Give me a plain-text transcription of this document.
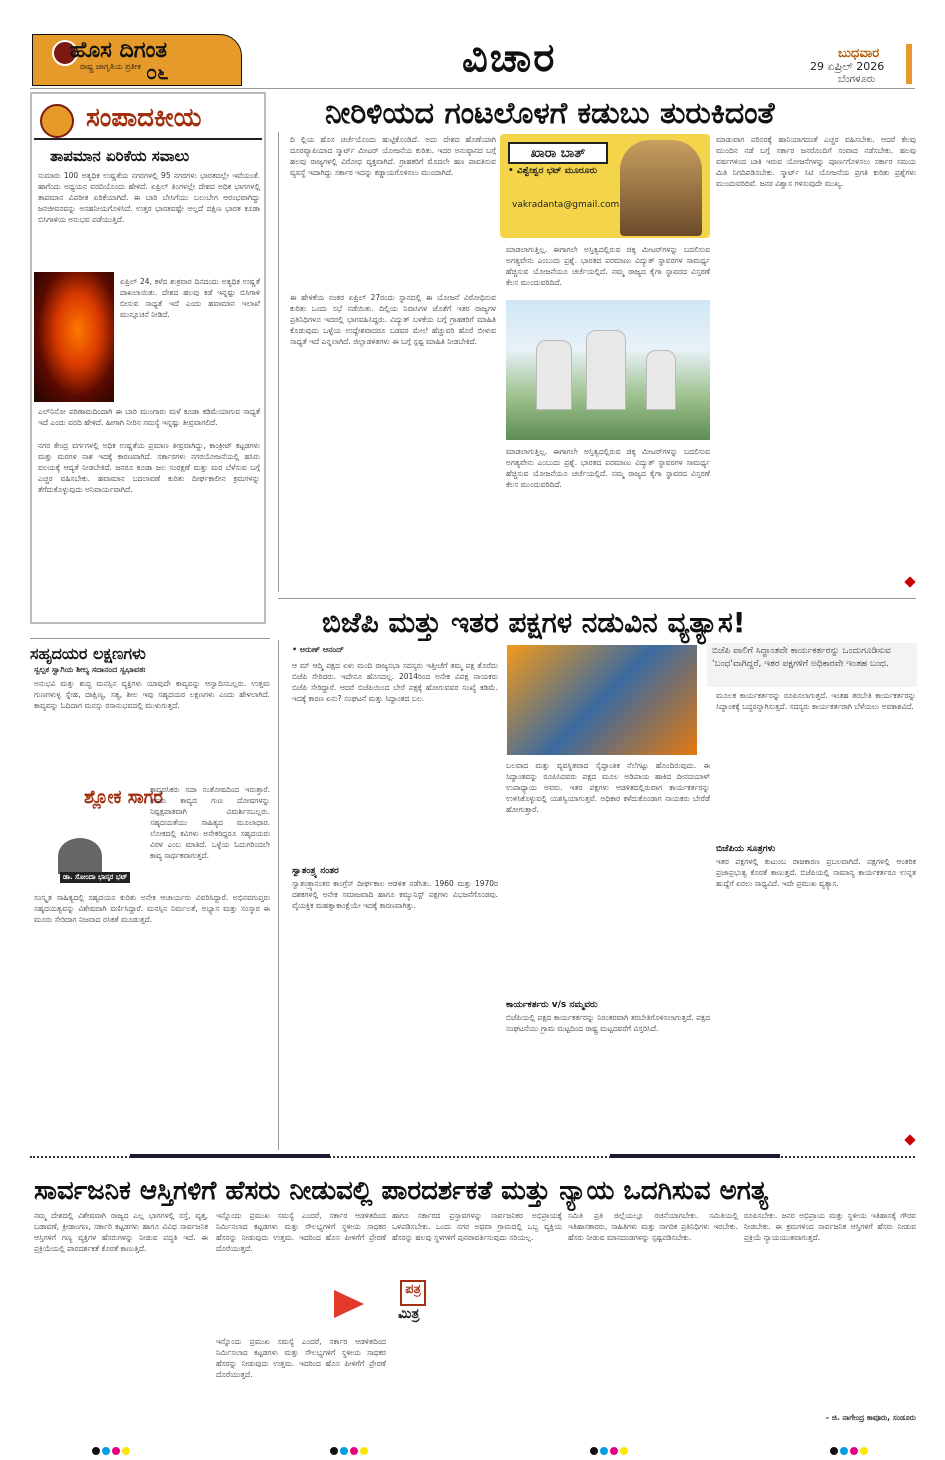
ಹೊಸ ದಿಗಂತ
ರಾಷ್ಟ್ರ ಜಾಗೃತಿಯ ಪ್ರತೀಕ ೦೬	ವಿಚಾರ	ಬುಧವಾರ
29 ಏಪ್ರಿಲ್ 2026
ಬೆಂಗಳೂರು
ಸಂಪಾದಕೀಯ
ತಾಪಮಾನ ಏರಿಕೆಯ ಸವಾಲು
ಸುಮಾರು 100 ಅತ್ಯಧಿಕ ಉಷ್ಣತೆಯ ನಗರಗಳಲ್ಲಿ 95 ನಗರಗಳು ಭಾರತದಲ್ಲೇ ಇವೆಯಂತೆ. ಹಾಗೆಂದು ಅಧ್ಯಯನ ವರದಿಯೊಂದು ಹೇಳಿದೆ. ಏಪ್ರಿಲ್ ತಿಂಗಳಲ್ಲೇ ದೇಶದ ಅಧಿಕ ಭಾಗಗಳಲ್ಲಿ ತಾಪಮಾನ ವಿಪರೀತ ಏರಿಕೆಯಾಗಿದೆ. ಈ ಬಾರಿ ಬೇಸಿಗೆಯು ಬಲುಬೇಗ ಆರಂಭವಾಗಿದ್ದು ಜನಜೀವನವನ್ನು ಅಸಹನೀಯಗೊಳಿಸಿದೆ. ಉತ್ತರ ಭಾರತವಷ್ಟೇ ಅಲ್ಲದೆ ದಕ್ಷಿಣ ಭಾರತ ಕೂಡಾ ಬಿಸಿಗಾಳಿಯ ಅನುಭವ ಪಡೆಯುತ್ತಿದೆ.
ಏಪ್ರಿಲ್ 24, ಕಳೆದ ಶುಕ್ರವಾರ ದಿನದಂದು ಅತ್ಯಧಿಕ ಉಷ್ಣತೆ ದಾಖಲಾಯಿತು. ದೇಶದ ಹಲವು ಕಡೆ ಇನ್ನಷ್ಟು ಬಿಸಿಗಾಳಿ ಬೀಸುವ ಸಾಧ್ಯತೆ ಇದೆ ಎಂದು ಹವಾಮಾನ ಇಲಾಖೆ ಮುನ್ಸೂಚನೆ ನೀಡಿದೆ.
ಎಲ್‌ನಿನೋ ಪರಿಣಾಮದಿಂದಾಗಿ ಈ ಬಾರಿ ಮುಂಗಾರು ಮಳೆ ಕೂಡಾ ಕಡಿಮೆಯಾಗುವ ಸಾಧ್ಯತೆ ಇದೆ ಎಂದು ವರದಿ ಹೇಳಿದೆ. ಹೀಗಾಗಿ ನೀರಿನ ಸಮಸ್ಯೆ ಇನ್ನಷ್ಟು ತೀವ್ರವಾಗಲಿದೆ.
ನಗರ ಕೇಂದ್ರ ವರ್ಗಗಳಲ್ಲಿ ಅಧಿಕ ಉಷ್ಣತೆಯ ಪ್ರಮಾಣ ತೀವ್ರವಾಗಿದ್ದು, ಕಾಂಕ್ರೀಟ್ ಕಟ್ಟಡಗಳು ಮತ್ತು ಮರಗಳ ನಾಶ ಇದಕ್ಕೆ ಕಾರಣವಾಗಿದೆ. ಸರ್ಕಾರಗಳು ನಗರಯೋಜನೆಯಲ್ಲಿ ಹಸಿರು ವಲಯಕ್ಕೆ ಆದ್ಯತೆ ನೀಡಬೇಕಿದೆ. ಜನರೂ ಕೂಡಾ ಜಲ ಸಂರಕ್ಷಣೆ ಮತ್ತು ಮರ ಬೆಳೆಸುವ ಬಗ್ಗೆ ಎಚ್ಚರ ವಹಿಸಬೇಕು. ಹವಾಮಾನ ಬದಲಾವಣೆ ಕುರಿತು ದೀರ್ಘಕಾಲೀನ ಕ್ರಮಗಳನ್ನು ತೆಗೆದುಕೊಳ್ಳುವುದು ಅನಿವಾರ್ಯವಾಗಿದೆ.
ನೀರಿಳಿಯದ ಗಂಟಲೊಳಗೆ ಕಡುಬು ತುರುಕಿದಂತೆ
ದಿ ಲ್ಲಿಯ ಹೊಸ ಚರ್ಚೆಯೊಂದು ಹುಟ್ಟಿಕೊಂಡಿದೆ. ಅದು ದೇಶದ ಹೊಣೆಯಾಗಿ ದೂರವ್ಯಾಪಿಯಾದ ಸ್ಮಾರ್ಟ್ ಮೀಟರ್ ಯೋಜನೆಯ ಕುರಿತು. ಇದರ ಅನುಷ್ಠಾನದ ಬಗ್ಗೆ ಹಲವು ರಾಜ್ಯಗಳಲ್ಲಿ ವಿರೋಧ ವ್ಯಕ್ತವಾಗಿದೆ. ಗ್ರಾಹಕರಿಗೆ ಮೊದಲೇ ಹಣ ಪಾವತಿಸುವ ವ್ಯವಸ್ಥೆ ಇದಾಗಿದ್ದು ಸರ್ಕಾರ ಇದನ್ನು ಕಡ್ಡಾಯಗೊಳಿಸಲು ಮುಂದಾಗಿದೆ.
ಈ ಹೇಳಿಕೆಯ ನಂತರ ಏಪ್ರಿಲ್ 27ರಂದು ಸ್ಥಾನದಲ್ಲಿ ಈ ಯೋಜನೆ ವಿರೋಧಿಸುವ ಕುರಿತು ಒಂದು ಸಭೆ ನಡೆಯಿತು. ದಿಲ್ಲಿಯ ನಿವಾಸಿಗಳ ಜೊತೆಗೆ ಇತರ ರಾಜ್ಯಗಳ ಪ್ರತಿನಿಧಿಗಳೂ ಇದರಲ್ಲಿ ಭಾಗವಹಿಸಿದ್ದರು. ವಿದ್ಯುತ್ ಬಳಕೆಯ ಬಗ್ಗೆ ಗ್ರಾಹಕರಿಗೆ ಮಾಹಿತಿ ಕೊಡುವುದು ಒಳ್ಳೆಯ ಉದ್ದೇಶವಾದರೂ ಬಡವರ ಮೇಲೆ ಹೆಚ್ಚುವರಿ ಹೊರೆ ಬೀಳುವ ಸಾಧ್ಯತೆ ಇದೆ ಎನ್ನಲಾಗಿದೆ. ಜಿಲ್ಲಾಡಳಿತಗಳು ಈ ಬಗ್ಗೆ ಸ್ಪಷ್ಟ ಮಾಹಿತಿ ನೀಡಬೇಕಿದೆ.
ಖಾರಾ ಬಾತ್
• ವಿಶ್ವೇಶ್ವರ ಭಟ್ ಮೂರೂರು
vakradanta@gmail.com
ಮಾಡಲಾಗುತ್ತಿಲ್ಲ. ಈಗಾಗಲೇ ಅಸ್ತಿತ್ವದಲ್ಲಿರುವ ಚಿಕ್ಕ ಮೀಟರ್‌ಗಳನ್ನು ಬದಲಿಸುವ ಅಗತ್ಯವೇನು ಎಂಬುದು ಪ್ರಶ್ನೆ. ಭಾರತದ ಪರಮಾಣು ವಿದ್ಯುತ್ ಸ್ಥಾವರಗಳ ಸಾಮರ್ಥ್ಯ ಹೆಚ್ಚಿಸುವ ಯೋಜನೆಯೂ ಚರ್ಚೆಯಲ್ಲಿದೆ. ನಮ್ಮ ರಾಜ್ಯದ ಕೈಗಾ ಸ್ಥಾವರದ ವಿಸ್ತರಣೆ ಕೆಲಸ ಮುಂದುವರಿದಿದೆ.
ಮಾಡಲಾಗುತ್ತಿಲ್ಲ. ಈಗಾಗಲೇ ಅಸ್ತಿತ್ವದಲ್ಲಿರುವ ಚಿಕ್ಕ ಮೀಟರ್‌ಗಳನ್ನು ಬದಲಿಸುವ ಅಗತ್ಯವೇನು ಎಂಬುದು ಪ್ರಶ್ನೆ. ಭಾರತದ ಪರಮಾಣು ವಿದ್ಯುತ್ ಸ್ಥಾವರಗಳ ಸಾಮರ್ಥ್ಯ ಹೆಚ್ಚಿಸುವ ಯೋಜನೆಯೂ ಚರ್ಚೆಯಲ್ಲಿದೆ. ನಮ್ಮ ರಾಜ್ಯದ ಕೈಗಾ ಸ್ಥಾವರದ ವಿಸ್ತರಣೆ ಕೆಲಸ ಮುಂದುವರಿದಿದೆ.
ಮಾಡುವಾಗ ಪರಿಸರಕ್ಕೆ ಹಾನಿಯಾಗದಂತೆ ಎಚ್ಚರ ವಹಿಸಬೇಕು. ಆದರೆ ಕೆಲವು ಮುಂದಿನ ನಡೆ ಬಗ್ಗೆ ಸರ್ಕಾರ ಜನರೊಂದಿಗೆ ಸಂವಾದ ನಡೆಸಬೇಕು. ಹಲವು ವರ್ಷಗಳಿಂದ ಬಾಕಿ ಇರುವ ಯೋಜನೆಗಳನ್ನು ಪೂರ್ಣಗೊಳಿಸಲು ಸರ್ಕಾರ ಸಮಯ ಮಿತಿ ನಿಗದಿಪಡಿಸಬೇಕು. ಸ್ಮಾರ್ಟ್ ಸಿಟಿ ಯೋಜನೆಯ ಪ್ರಗತಿ ಕುರಿತು ಪ್ರಶ್ನೆಗಳು ಮುಂದುವರಿದಿವೆ. ಜನರ ವಿಶ್ವಾಸ ಗಳಿಸುವುದೇ ಮುಖ್ಯ.
ಸಹೃದಯರ ಲಕ್ಷಣಗಳು
ಸ್ವಲ್ಪಕ ಸ್ವಾಗಿಯ ಶೀಲ್ಯ ಸದಾನಂದ ಸ್ವಭಾವತಃ
ಅನುಭವಿ ಮತ್ತು ಶುದ್ಧ ಮನಸ್ಸಿನ ವ್ಯಕ್ತಿಗಳು ಯಾವುದೇ ಕಾವ್ಯವನ್ನು ಆಸ್ವಾದಿಸಬಲ್ಲರು. ಉತ್ತಮ ಗುಣಗಳುಳ್ಳ ಸ್ನೇಹ, ದಾಕ್ಷಿಣ್ಯ, ಸತ್ಯ, ಶೀಲ ಇವು ಸಹೃದಯರ ಲಕ್ಷಣಗಳು ಎಂದು ಹೇಳಲಾಗಿದೆ. ಕಾವ್ಯವನ್ನು ಓದಿದಾಗ ಮನಸ್ಸು ರಸಾನುಭವದಲ್ಲಿ ಮುಳುಗುತ್ತದೆ.
ಶ್ಲೋಕ ಸಾಗರ
ಡಾ. ಸೋಂದಾ ಭಾಸ್ಕರ ಭಟ್
ಕಾವ್ಯರಸಿಕರು ಸದಾ ಸಂತೋಷದಿಂದ ಇರುತ್ತಾರೆ. ಅವರು ಕಾವ್ಯದ ಗುಣ ದೋಷಗಳನ್ನು ನಿಷ್ಪಕ್ಷಪಾತವಾಗಿ ವಿಮರ್ಶಿಸಬಲ್ಲರು. ಸಹೃದಯತೆಯು ಸಾಹಿತ್ಯದ ಮೂಲಾಧಾರ. ಲೋಕದಲ್ಲಿ ಕವಿಗಳು ಅನೇಕರಿದ್ದರೂ ಸಹೃದಯರು ವಿರಳ ಎಂಬ ಮಾತಿದೆ. ಒಳ್ಳೆಯ ಓದುಗರಿಂದಲೇ ಕಾವ್ಯ ಸಾರ್ಥಕವಾಗುತ್ತದೆ.
ಸಂಸ್ಕೃತ ಸಾಹಿತ್ಯದಲ್ಲಿ ಸಹೃದಯನ ಕುರಿತು ಅನೇಕ ಆಚಾರ್ಯರು ವಿವರಿಸಿದ್ದಾರೆ. ಅಭಿನವಗುಪ್ತರು ಸಹೃದಯತ್ವವನ್ನು ವಿಶೇಷವಾಗಿ ವರ್ಣಿಸಿದ್ದಾರೆ. ಮನಸ್ಸಿನ ನಿರ್ಮಲತೆ, ಅಭ್ಯಾಸ ಮತ್ತು ಸಂಸ್ಕಾರ ಈ ಮೂರು ಸೇರಿದಾಗ ನಿಜವಾದ ರಸಿಕತೆ ಮೂಡುತ್ತದೆ.
ಬಿಜೆಪಿ ಮತ್ತು ಇತರ ಪಕ್ಷಗಳ ನಡುವಿನ ವ್ಯತ್ಯಾಸ!
• ಅರುಣ್ ಆನಂದ್
ಆ ಮ್ ಆದ್ಮಿ ಪಕ್ಷದ ಏಳು ಮಂದಿ ರಾಜ್ಯಸಭಾ ಸದಸ್ಯರು ಇತ್ತೀಚೆಗೆ ತಮ್ಮ ಪಕ್ಷ ತೊರೆದು ಬಿಜೆಪಿ ಸೇರಿದರು. ಇದೇನೂ ಹೊಸದಲ್ಲ. 2014ರಿಂದ ಅನೇಕ ವಿಪಕ್ಷ ನಾಯಕರು ಬಿಜೆಪಿ ಸೇರಿದ್ದಾರೆ. ಆದರೆ ಬಿಜೆಪಿಯಿಂದ ಬೇರೆ ಪಕ್ಷಕ್ಕೆ ಹೋಗುವವರ ಸಂಖ್ಯೆ ಕಡಿಮೆ. ಇದಕ್ಕೆ ಕಾರಣ ಏನು? ಸಂಘಟನೆ ಮತ್ತು ಸಿದ್ಧಾಂತದ ಬಲ.
ಸ್ವಾತಂತ್ರ್ಯ ನಂತರ
ಸ್ವಾತಂತ್ರ್ಯಾನಂತರ ಕಾಂಗ್ರೆಸ್ ದೀರ್ಘಕಾಲ ಆಡಳಿತ ನಡೆಸಿತು. 1960 ಮತ್ತು 1970ರ ದಶಕಗಳಲ್ಲಿ ಅನೇಕ ಸಮಾಜವಾದಿ ಹಾಗೂ ಕಮ್ಯುನಿಸ್ಟ್ ಪಕ್ಷಗಳು ವಿಭಜನೆಗೊಂಡವು. ವೈಯಕ್ತಿಕ ಮಹತ್ವಾಕಾಂಕ್ಷೆಯೇ ಇದಕ್ಕೆ ಕಾರಣವಾಗಿತ್ತು.
ಬಿಜೆಪಿ ಪಾಲಿಗೆ ಸಿದ್ಧಾಂತವೇ ಕಾರ್ಯಕರ್ತರನ್ನು ಒಂದುಗೂಡಿಸುವ 'ಬಂಧ'ವಾಗಿದ್ದರೆ, ಇತರ ಪಕ್ಷಗಳಿಗೆ ಅಧಿಕಾರವೇ ಇಂತಹ ಬಂಧ.
ಬಲವಾದ ಮತ್ತು ವ್ಯವಸ್ಥಿತವಾದ ಸೈದ್ಧಾಂತಿಕ ನೆಲೆಗಟ್ಟು ಹೊಂದಿರುವುದು. ಈ ಸಿದ್ಧಾಂತವನ್ನು ರೂಪಿಸಿದವರು ಪಕ್ಷದ ಮೂಲ ಅಡಿಪಾಯ ಹಾಕಿದ ದೀನದಯಾಳ್ ಉಪಾಧ್ಯಾಯ ಅವರು. ಇತರ ಪಕ್ಷಗಳು ಆಡಳಿತದಲ್ಲಿರುವಾಗ ಕಾರ್ಯಕರ್ತರನ್ನು ಉಳಿಸಿಕೊಳ್ಳುವಲ್ಲಿ ಯಶಸ್ವಿಯಾಗುತ್ತವೆ. ಅಧಿಕಾರ ಕಳೆದುಕೊಂಡಾಗ ನಾಯಕರು ಬೇರೆಡೆ ಹೋಗುತ್ತಾರೆ.
ಕಾರ್ಯಕರ್ತರು v/s ನಮ್ಮವರು
ಬಿಜೆಪಿಯಲ್ಲಿ ಪಕ್ಷದ ಕಾರ್ಯಕರ್ತರನ್ನು ನಿರಂತರವಾಗಿ ತರಬೇತಿಗೊಳಿಸಲಾಗುತ್ತದೆ. ಪಕ್ಷದ ಸಂಘಟನೆಯು ಗ್ರಾಮ ಮಟ್ಟದಿಂದ ರಾಷ್ಟ್ರ ಮಟ್ಟದವರೆಗೆ ವಿಸ್ತರಿಸಿದೆ.
ಮೂಲಕ ಕಾರ್ಯಕರ್ತರನ್ನು ರೂಪಿಸಲಾಗುತ್ತದೆ. ಇಂತಹ ತರಬೇತಿ ಕಾರ್ಯಕರ್ತರನ್ನು ಸಿದ್ಧಾಂತಕ್ಕೆ ಬದ್ಧರನ್ನಾಗಿಸುತ್ತದೆ. ಸದಸ್ಯರು ಕಾರ್ಯಕರ್ತರಾಗಿ ಬೆಳೆಯಲು ಅವಕಾಶವಿದೆ.
ಬಿಜೆಪಿಯ ಸೂತ್ರಗಳು
ಇತರ ಪಕ್ಷಗಳಲ್ಲಿ ಕುಟುಂಬ ರಾಜಕಾರಣ ಪ್ರಬಲವಾಗಿದೆ. ಪಕ್ಷಗಳಲ್ಲಿ ಆಂತರಿಕ ಪ್ರಜಾಪ್ರಭುತ್ವ ಕೊರತೆ ಕಾಣುತ್ತದೆ. ಬಿಜೆಪಿಯಲ್ಲಿ ಸಾಮಾನ್ಯ ಕಾರ್ಯಕರ್ತರೂ ಉನ್ನತ ಹುದ್ದೆಗೆ ಏರಲು ಸಾಧ್ಯವಿದೆ. ಇದೇ ಪ್ರಮುಖ ವ್ಯತ್ಯಾಸ.
ಸಾರ್ವಜನಿಕ ಆಸ್ತಿಗಳಿಗೆ ಹೆಸರು ನೀಡುವಲ್ಲಿ ಪಾರದರ್ಶಕತೆ ಮತ್ತು ನ್ಯಾಯ ಒದಗಿಸುವ ಅಗತ್ಯ
ನಮ್ಮ ದೇಶದಲ್ಲಿ ವಿಶೇಷವಾಗಿ ರಾಜ್ಯದ ಎಲ್ಲ ಭಾಗಗಳಲ್ಲಿ ರಸ್ತೆ, ವೃತ್ತ, ಬಡಾವಣೆ, ಕ್ರೀಡಾಂಗಣ, ಸರ್ಕಾರಿ ಕಟ್ಟಡಗಳು ಹಾಗೂ ವಿವಿಧ ಸಾರ್ವಜನಿಕ ಆಸ್ತಿಗಳಿಗೆ ಗಣ್ಯ ವ್ಯಕ್ತಿಗಳ ಹೆಸರುಗಳನ್ನು ನೀಡುವ ಪದ್ಧತಿ ಇದೆ. ಈ ಪ್ರಕ್ರಿಯೆಯಲ್ಲಿ ಪಾರದರ್ಶಕತೆ ಕೊರತೆ ಕಾಣುತ್ತಿದೆ.
ಇನ್ನೊಂದು ಪ್ರಮುಖ ಸಮಸ್ಯೆ ಎಂದರೆ, ಸರ್ಕಾರ ಆಡಳಿತದಿಂದ ನಿರ್ಮಿಸಲಾದ ಕಟ್ಟಡಗಳು ಮತ್ತು ಸೌಲಭ್ಯಗಳಿಗೆ ಸ್ಥಳೀಯ ಸಾಧಕರ ಹೆಸರನ್ನು ನೀಡುವುದು ಉತ್ತಮ. ಇದರಿಂದ ಹೊಸ ಪೀಳಿಗೆಗೆ ಪ್ರೇರಣೆ ದೊರೆಯುತ್ತದೆ.
ಪತ್ರ
ಮಿತ್ರ
ಇನ್ನೊಂದು ಪ್ರಮುಖ ಸಮಸ್ಯೆ ಎಂದರೆ, ಸರ್ಕಾರ ಆಡಳಿತದಿಂದ ನಿರ್ಮಿಸಲಾದ ಕಟ್ಟಡಗಳು ಮತ್ತು ಸೌಲಭ್ಯಗಳಿಗೆ ಸ್ಥಳೀಯ ಸಾಧಕರ ಹೆಸರನ್ನು ನೀಡುವುದು ಉತ್ತಮ. ಇದರಿಂದ ಹೊಸ ಪೀಳಿಗೆಗೆ ಪ್ರೇರಣೆ ದೊರೆಯುತ್ತದೆ.
ಹಾಗೂ ಸರ್ಕಾರದ ಪ್ರಸ್ತಾವಗಳನ್ನು ಸಾರ್ವಜನಿಕರ ಅಭಿಪ್ರಾಯಕ್ಕೆ ಒಳಪಡಿಸಬೇಕು. ಒಂದು ನಗರ ಅಥವಾ ಗ್ರಾಮದಲ್ಲಿ ಒಬ್ಬ ವ್ಯಕ್ತಿಯ ಹೆಸರನ್ನು ಹಲವು ಸ್ಥಳಗಳಿಗೆ ಪುನರಾವರ್ತಿಸುವುದು ಸರಿಯಲ್ಲ.
ಸಮಿತಿ ಪ್ರತಿ ಜಿಲ್ಲೆಯಲ್ಲೂ ರಚನೆಯಾಗಬೇಕು. ಸಮಿತಿಯಲ್ಲಿ ಇತಿಹಾಸಕಾರರು, ಸಾಹಿತಿಗಳು ಮತ್ತು ನಾಗರಿಕ ಪ್ರತಿನಿಧಿಗಳು ಇರಬೇಕು. ಹೆಸರು ನೀಡುವ ಮಾನದಂಡಗಳನ್ನು ಸ್ಪಷ್ಟಪಡಿಸಬೇಕು.
ರೂಪಿಸಬೇಕು. ಜನರ ಅಭಿಪ್ರಾಯ ಮತ್ತು ಸ್ಥಳೀಯ ಇತಿಹಾಸಕ್ಕೆ ಗೌರವ ನೀಡಬೇಕು. ಈ ಕ್ರಮಗಳಿಂದ ಸಾರ್ವಜನಿಕ ಆಸ್ತಿಗಳಿಗೆ ಹೆಸರು ನೀಡುವ ಪ್ರಕ್ರಿಯೆ ನ್ಯಾಯಯುತವಾಗುತ್ತದೆ.
– ಜಿ. ನಾಗೇಂದ್ರ ಕಾವೂರು, ಸಂಡೂರು
